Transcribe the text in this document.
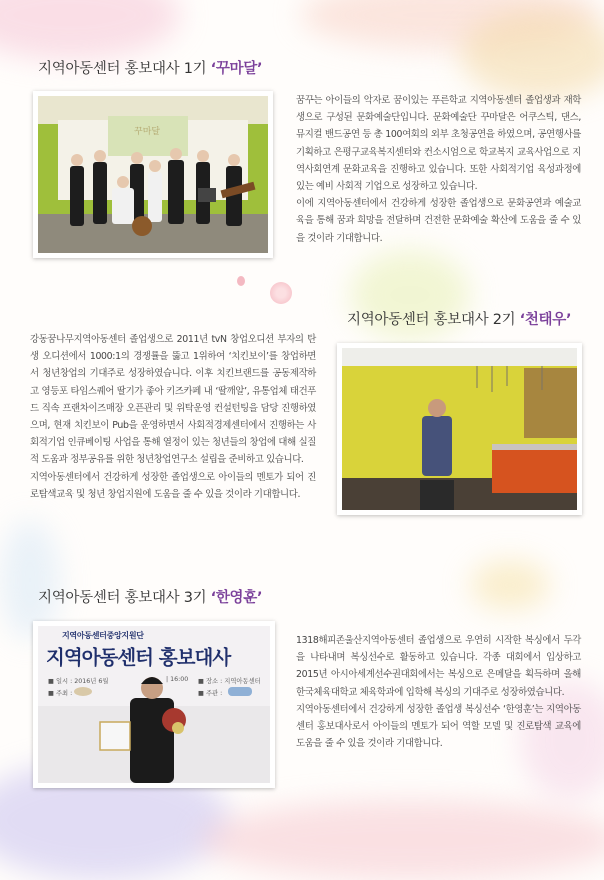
지역아동센터 홍보대사 1기 ‘꾸마달’
꾸마달

꿈꾸는 아이들의 악자로 꿈이있는 푸른학교 지역아동센터 졸업생과 재학생으로 구성된 문화예술단입니다. 문화예술단 꾸마달은 어쿠스틱, 댄스, 뮤지컬 밴드공연 등 총 100여회의 외부 초청공연을 하였으며, 공연행사를 기획하고 은평구교육복지센터와 컨소시엄으로 학교복지 교육사업으로 지역사회연계 문화교육을 진행하고 있습니다. 또한 사회적기업 육성과정에 있는 예비 사회적 기업으로 성장하고 있습니다.

이에 지역아동센터에서 건강하게 성장한 졸업생으로 문화공연과 예술교육을 통해 꿈과 희망을 전달하며 건전한 문화예술 확산에 도움을 줄 수 있을 것이라 기대합니다.

지역아동센터 홍보대사 2기 ‘천태우’

강동꿈나무지역아동센터 졸업생으로 2011년 tvN 창업오디션 부자의 탄생 오디션에서 1000:1의 경쟁률을 뚫고 1위하여 ‘치킨보이’를 창업하면서 청년창업의 기대주로 성장하였습니다. 이후 치킨브랜드를 공동제작하고 영등포 타임스퀘어 딸기가 좋아 키즈카페 내 ‘딸깨알’, 유통업체 태건푸드 직속 프랜차이즈매장 오픈관리 및 위탁운영 컨설턴팅을 담당 진행하였으며, 현재 치킨보이 Pub을 운영하면서 사회적경제센터에서 진행하는 사회적기업 인큐베이팅 사업을 통해 열정이 있는 청년들의 창업에 대해 실질적 도움과 정부공유를 위한 청년창업연구소 설립을 준비하고 있습니다.

지역아동센터에서 건강하게 성장한 졸업생으로 아이들의 멘토가 되어 진로탐색교육 및 청년 창업지원에 도움을 줄 수 있을 것이라 기대합니다.

지역아동센터 홍보대사 3기 ‘한영훈’
지역아동센터중앙지원단
지역아동센터 홍보대사
■ 일시 : 2016년 6월	| 16:00 ■ 장소 : 지역아동센터
■ 주최 :	■ 주관 :

1318해피존울산지역아동센터 졸업생으로 우연히 시작한 복싱에서 두각을 나타내며 복싱선수로 활동하고 있습니다. 각종 대회에서 입상하고 2015년 아시아세계선수권대회에서는 복싱으로 은메달을 획득하며 올해 한국체육대학교 체육학과에 입학해 복싱의 기대주로 성장하였습니다.

지역아동센터에서 건강하게 성장한 졸업생 복싱선수 ‘한영훈’는 지역아동센터 홍보대사로서 아이들의 멘토가 되어 역할 모델 및 진로탐색 교육에 도움을 줄 수 있을 것이라 기대합니다.
